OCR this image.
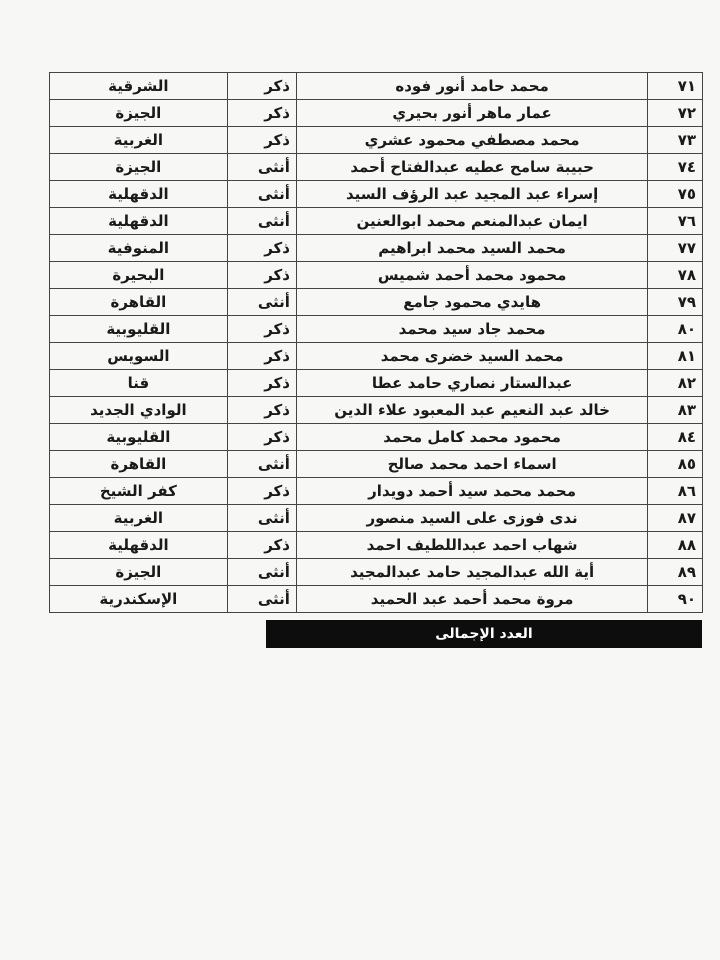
٧١	محمد حامد أنور فوده	ذكر	الشرقية
٧٢	عمار ماهر أنور بحيري	ذكر	الجيزة
٧٣	محمد مصطفي محمود عشري	ذكر	الغربية
٧٤	حبيبة سامح عطيه عبدالفتاح أحمد	أنثى	الجيزة
٧٥	إسراء عبد المجيد عبد الرؤف السيد	أنثى	الدقهلية
٧٦	ايمان عبدالمنعم محمد ابوالعنين	أنثى	الدقهلية
٧٧	محمد السيد محمد ابراهيم	ذكر	المنوفية
٧٨	محمود محمد أحمد شميس	ذكر	البحيرة
٧٩	هايدي محمود جامع	أنثى	القاهرة
٨٠	محمد جاد سيد محمد	ذكر	القليوبية
٨١	محمد السيد خضرى محمد	ذكر	السويس
٨٢	عبدالستار نصاري حامد عطا	ذكر	قنا
٨٣	خالد عبد النعيم عبد المعبود علاء الدين	ذكر	الوادي الجديد
٨٤	محمود محمد كامل محمد	ذكر	القليوبية
٨٥	اسماء احمد محمد صالح	أنثى	القاهرة
٨٦	محمد محمد سيد أحمد دويدار	ذكر	كفر الشيخ
٨٧	ندى فوزى على السيد منصور	أنثى	الغربية
٨٨	شهاب احمد عبداللطيف احمد	ذكر	الدقهلية
٨٩	أية الله عبدالمجيد حامد عبدالمجيد	أنثى	الجيزة
٩٠	مروة محمد أحمد عبد الحميد	أنثى	الإسكندرية
العدد الإجمالى
